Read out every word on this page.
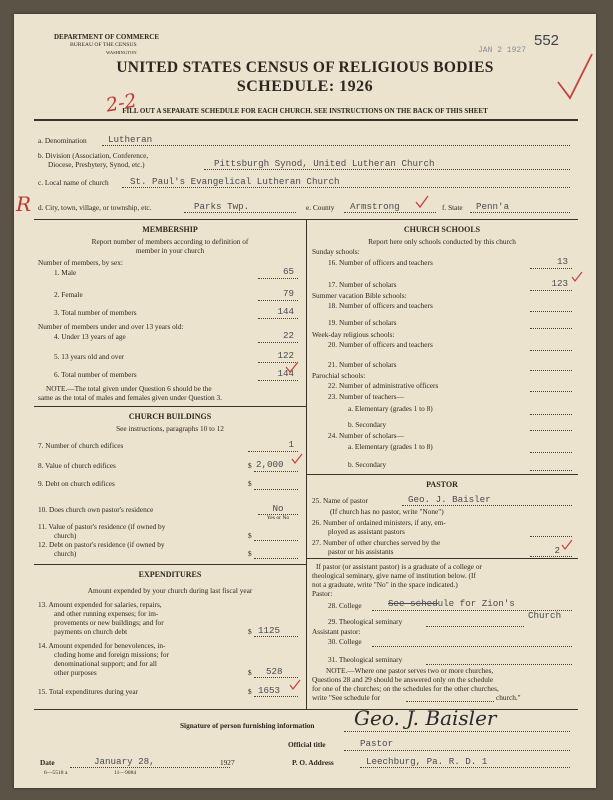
DEPARTMENT OF COMMERCE
BUREAU OF THE CENSUS
WASHINGTON	JAN 2 1927
552
UNITED STATES CENSUS OF RELIGIOUS BODIES
SCHEDULE: 1926
2-2
FILL OUT A SEPARATE SCHEDULE FOR EACH CHURCH. SEE INSTRUCTIONS ON THE BACK OF THIS SHEET
a. Denomination Lutheran
b. Division (Association, Conference,
Diocese, Presbytery, Synod, etc.)	Pittsburgh Synod, United Lutheran Church
c. Local name of church St. Paul's Evangelical Lutheran Church
R d. City, town, village, or township, etc.	Parks Twp.	e. County Armstrong	f. State Penn'a
MEMBERSHIP
Report number of members according to definition of
member in your church
Number of members, by sex:
1. Male	65
2. Female	79
3. Total number of members	144
Number of members under and over 13 years old:
4. Under 13 years of age	22
5. 13 years old and over	122
6. Total number of members	144
NOTE.—The total given under Question 6 should be the
same as the total of males and females given under Question 3.
CHURCH BUILDINGS
See instructions, paragraphs 10 to 12
7. Number of church edifices	1
8. Value of church edifices	$ 2,000
9. Debt on church edifices	$
10. Does church own pastor's residence	No
Yes or No
11. Value of pastor's residence (if owned by
church)	$
12. Debt on pastor's residence (if owned by
church)	$
EXPENDITURES
Amount expended by your church during last fiscal year
13. Amount expended for salaries, repairs,
and other running expenses; for im-
provements or new buildings; and for
payments on church debt	$ 1125
14. Amount expended for benevolences, in-
cluding home and foreign missions; for
denominational support; and for all
other purposes	$ 528
15. Total expenditures during year	$ 1653
CHURCH SCHOOLS
Report here only schools conducted by this church
Sunday schools:
16. Number of officers and teachers	13
17. Number of scholars	123
Summer vacation Bible schools:
18. Number of officers and teachers
19. Number of scholars
Week-day religious schools:
20. Number of officers and teachers
21. Number of scholars
Parochial schools:
22. Number of administrative officers
23. Number of teachers—
a. Elementary (grades 1 to 8)
b. Secondary
24. Number of scholars—
a. Elementary (grades 1 to 8)
b. Secondary
PASTOR
25. Name of pastor	Geo. J. Baisler
(If church has no pastor, write "None")
26. Number of ordained ministers, if any, em-
ployed as assistant pastors
27. Number of other churches served by the
pastor or his assistants	2
If pastor (or assistant pastor) is a graduate of a college or
theological seminary, give name of institution below. (If
not a graduate, write "No" in the space indicated.)
Pastor:
28. College	See schedule for Zion's
Church
29. Theological seminary
Assistant pastor:
30. College
31. Theological seminary
NOTE.—Where one pastor serves two or more churches,
Questions 28 and 29 should be answered only on the schedule
for one of the churches; on the schedules for the other churches,
write "See schedule for	church."
Signature of person furnishing information Geo. J. Baisler
Official title	Pastor
Date	January 28,	1927	P. O. Address	Leechburg, Pa. R. D. 1
6—5518 a	11—9084
